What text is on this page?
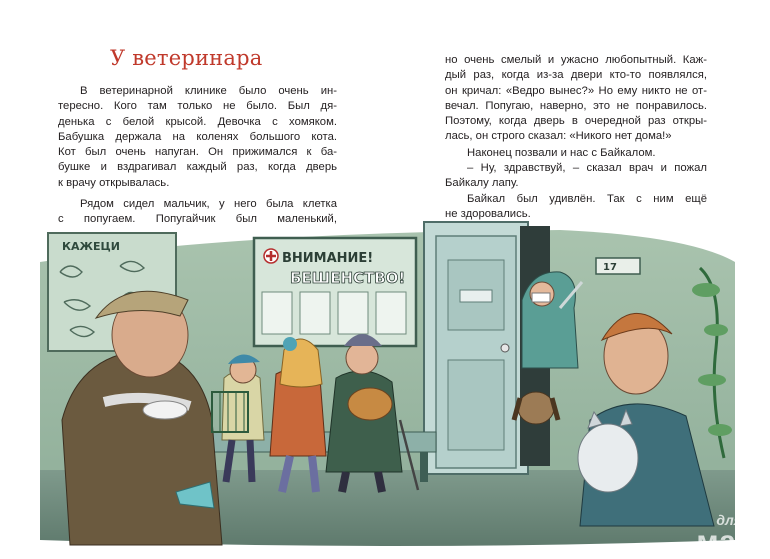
У ветеринара
В ветеринарной клинике было очень ин-
тересно. Кого там только не было. Был дя-
денька с белой крысой. Девочка с хомяком.
Бабушка держала на коленях большого кота.
Кот был очень напуган. Он прижимался к ба-
бушке и вздрагивал каждый раз, когда дверь
к врачу открывалась.
Рядом сидел мальчик, у него была клетка
с попугаем. Попугайчик был маленький,
но очень смелый и ужасно любопытный. Каж-
дый раз, когда из-за двери кто-то появлялся,
он кричал: «Ведро вынес?» Но ему никто не от-
вечал. Попугаю, наверно, это не понравилось.
Поэтому, когда дверь в очередной раз откры-
лась, он строго сказал: «Никого нет дома!»
Наконец позвали и нас с Байкалом.
– Ну, здравствуй, – сказал врач и пожал
Байкалу лапу.
Байкал был удивлён. Так с ним ещё
не здоровались.
КАЖЕЦИ
ВНИМАНИЕ!
БЕШЕНСТВО!
17
для
мам
